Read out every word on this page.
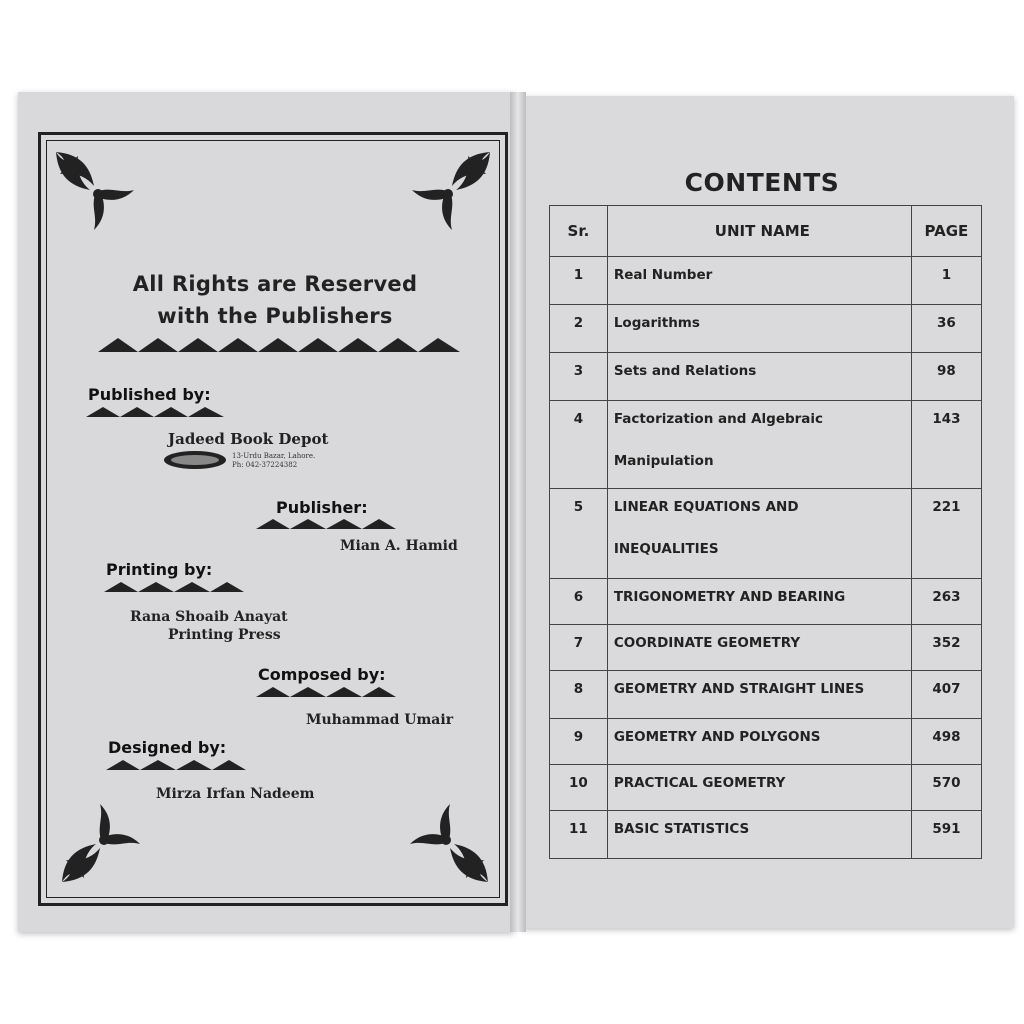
All Rights are Reserved
with the Publishers
Published by:
Jadeed Book Depot
13-Urdu Bazar, Lahore.
Ph: 042-37224382
Publisher:
Mian A. Hamid
Printing by:
Rana Shoaib Anayat
Printing Press
Composed by:
Muhammad Umair
Designed by:
Mirza Irfan Nadeem
CONTENTS
Sr.	UNIT NAME	PAGE

1	Real Number	1

2	Logarithms	36

3	Sets and Relations	98

4	Factorization and Algebraic
Manipulation	143

5	LINEAR EQUATIONS AND
INEQUALITIES	221

6	TRIGONOMETRY AND BEARING	263

7	COORDINATE GEOMETRY	352

8	GEOMETRY AND STRAIGHT LINES	407

9	GEOMETRY AND POLYGONS	498

10	PRACTICAL GEOMETRY	570

11	BASIC STATISTICS	591
